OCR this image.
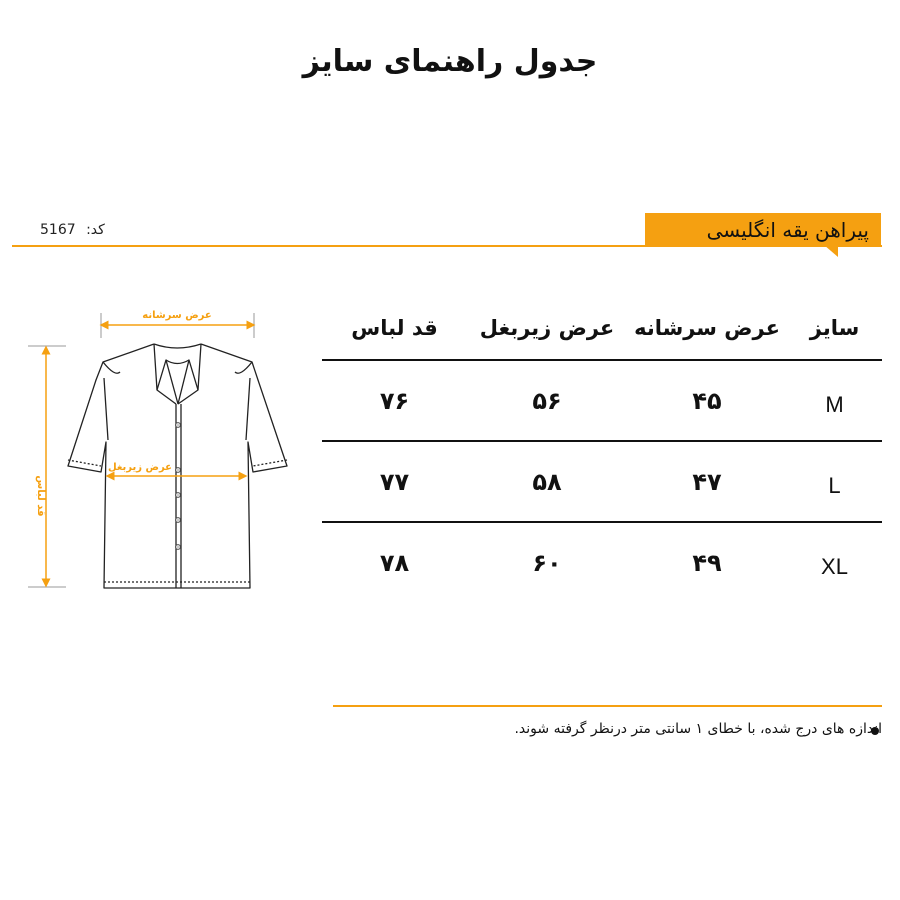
جدول راهنمای سایز
کد: 5167	پیراهن یقه انگلیسی
عرض سرشانه
قد لباس
عرض زیربغل
سایز	عرض سرشانه	عرض زیربغل	قد لباس
M	۴۵	۵۶	۷۶
L	۴۷	۵۸	۷۷
XL	۴۹	۶۰	۷۸
اندازه های درج شده، با خطای ۱ سانتی متر درنظر گرفته شوند.
